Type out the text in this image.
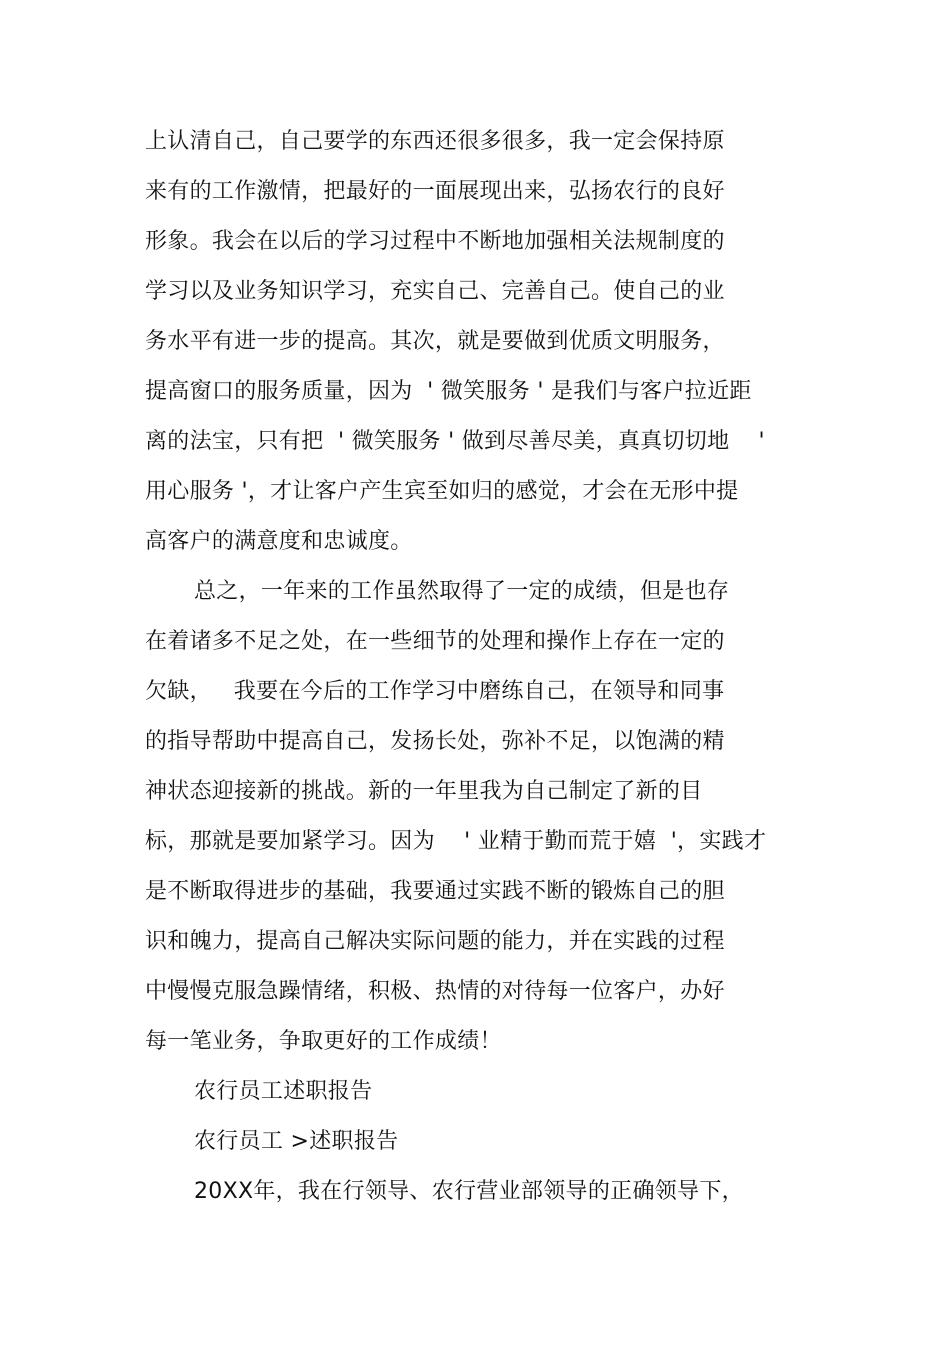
上认清自己，自己要学的东西还很多很多，我一定会保持原
来有的工作激情，把最好的一面展现出来，弘扬农行的良好
形象。我会在以后的学习过程中不断地加强相关法规制度的
学习以及业务知识学习，充实自己、完善自己。使自己的业
务水平有进一步的提高。其次，就是要做到优质文明服务，
提高窗口的服务质量，因为  ' 微笑服务 ' 是我们与客户拉近距
离的法宝，只有把  ' 微笑服务 ' 做到尽善尽美，真真切切地    '
用心服务 '，才让客户产生宾至如归的感觉，才会在无形中提
高客户的满意度和忠诚度。
总之，一年来的工作虽然取得了一定的成绩，但是也存
在着诸多不足之处，在一些细节的处理和操作上存在一定的
欠缺，   我要在今后的工作学习中磨练自己，在领导和同事
的指导帮助中提高自己，发扬长处，弥补不足，以饱满的精
神状态迎接新的挑战。新的一年里我为自己制定了新的目
标，那就是要加紧学习。因为    ' 业精于勤而荒于嬉  '，实践才
是不断取得进步的基础，我要通过实践不断的锻炼自己的胆
识和魄力，提高自己解决实际问题的能力，并在实践的过程
中慢慢克服急躁情绪，积极、热情的对待每一位客户，办好
每一笔业务，争取更好的工作成绩！
农行员工述职报告
农行员工 >述职报告
20XX年，我在行领导、农行营业部领导的正确领导下，
